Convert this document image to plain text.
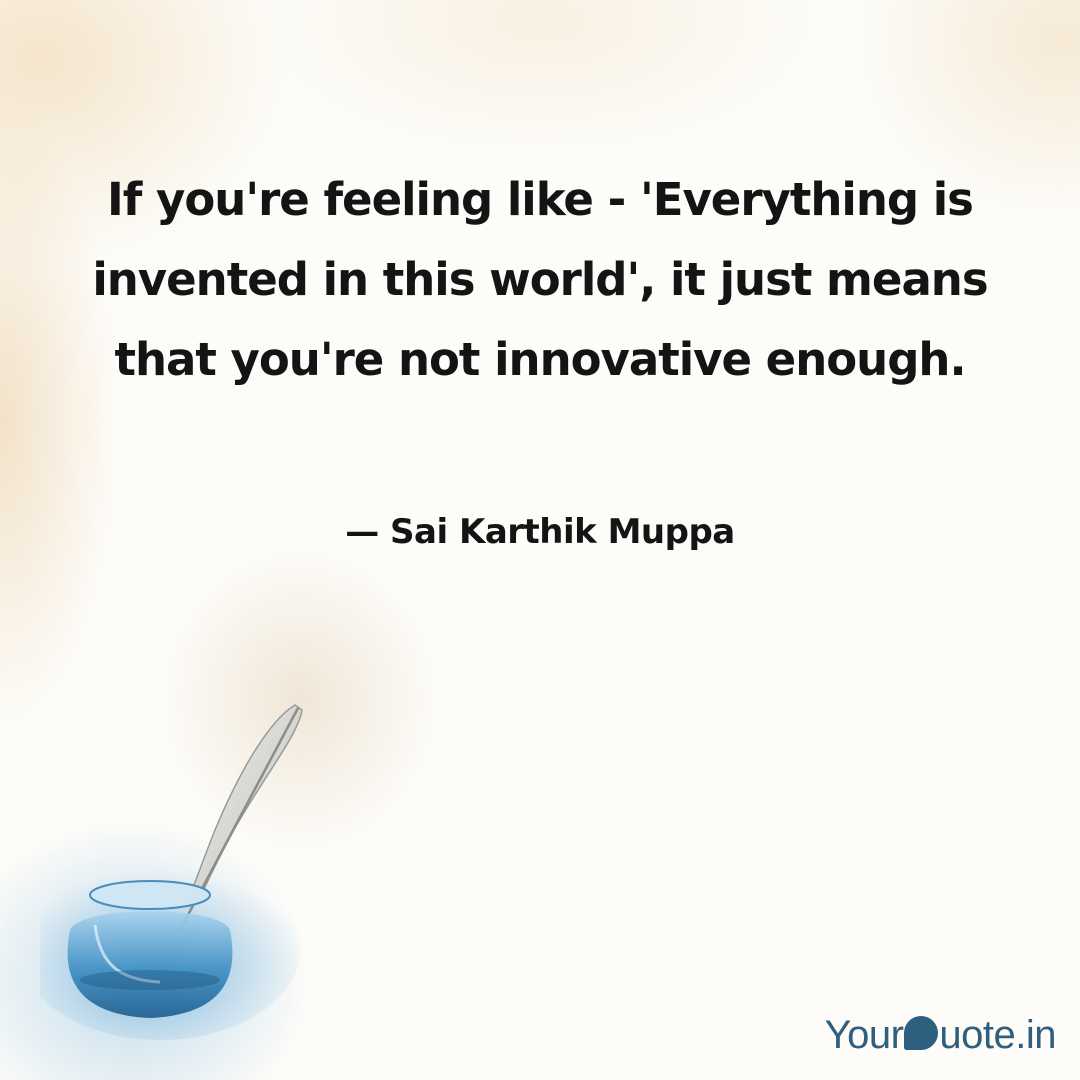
If you're feeling like - 'Everything is
invented in this world', it just means
that you're not innovative enough.

— Sai Karthik Muppa
Your uote.in
